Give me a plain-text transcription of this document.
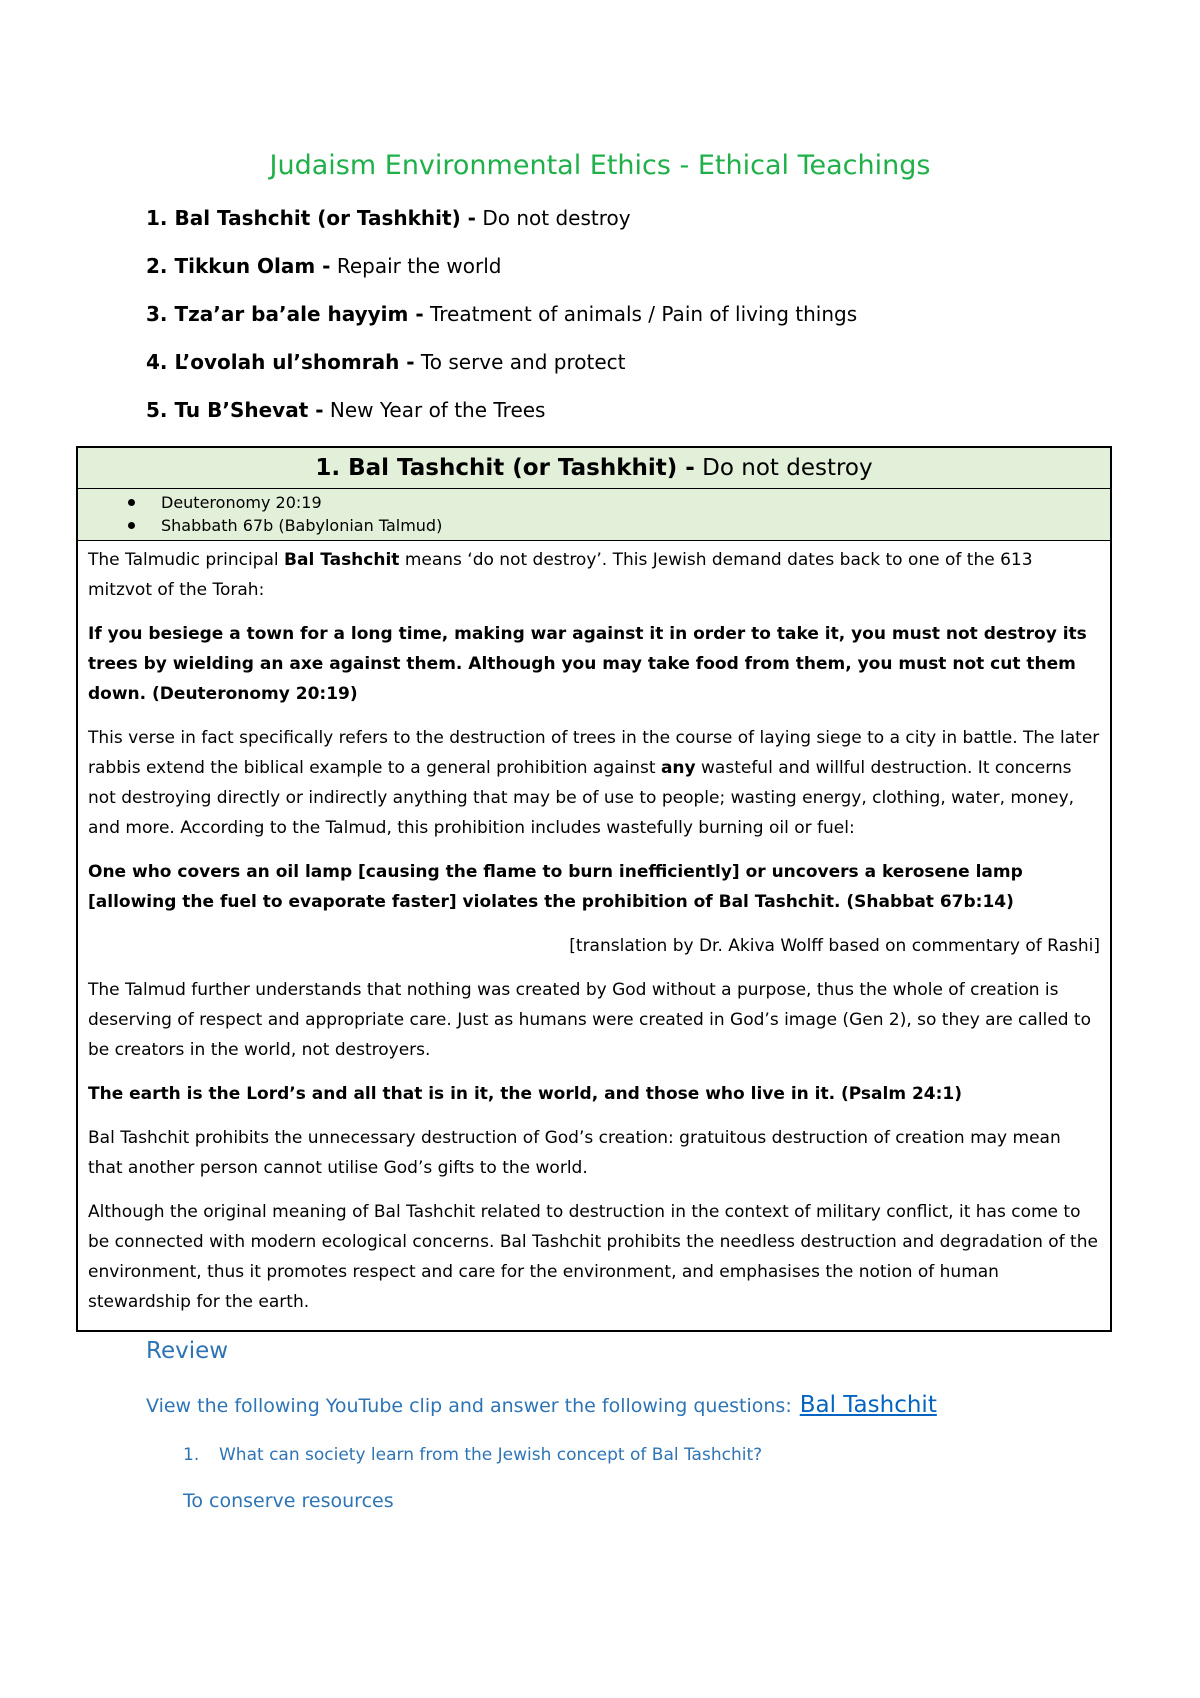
Judaism Environmental Ethics - Ethical Teachings
1. Bal Tashchit (or Tashkhit) - Do not destroy
2. Tikkun Olam - Repair the world
3. Tza’ar ba’ale hayyim - Treatment of animals / Pain of living things
4. L’ovolah ul’shomrah - To serve and protect
5. Tu B’Shevat - New Year of the Trees
1. Bal Tashchit (or Tashkhit) - Do not destroy
Deuteronomy 20:19
Shabbath 67b (Babylonian Talmud)

The Talmudic principal Bal Tashchit means ‘do not destroy’. This Jewish demand dates back to one of the 613 mitzvot of the Torah:

If you besiege a town for a long time, making war against it in order to take it, you must not destroy its trees by wielding an axe against them. Although you may take food from them, you must not cut them down. (Deuteronomy 20:19)

This verse in fact specifically refers to the destruction of trees in the course of laying siege to a city in battle. The later rabbis extend the biblical example to a general prohibition against any wasteful and willful destruction. It concerns not destroying directly or indirectly anything that may be of use to people; wasting energy, clothing, water, money, and more. According to the Talmud, this prohibition includes wastefully burning oil or fuel:

One who covers an oil lamp [causing the flame to burn inefficiently] or uncovers a kerosene lamp [allowing the fuel to evaporate faster] violates the prohibition of Bal Tashchit. (Shabbat 67b:14)

[translation by Dr. Akiva Wolff based on commentary of Rashi]

The Talmud further understands that nothing was created by God without a purpose, thus the whole of creation is deserving of respect and appropriate care. Just as humans were created in God’s image (Gen 2), so they are called to be creators in the world, not destroyers.

The earth is the Lord’s and all that is in it, the world, and those who live in it. (Psalm 24:1)

Bal Tashchit prohibits the unnecessary destruction of God’s creation: gratuitous destruction of creation may mean that another person cannot utilise God’s gifts to the world.

Although the original meaning of Bal Tashchit related to destruction in the context of military conflict, it has come to be connected with modern ecological concerns. Bal Tashchit prohibits the needless destruction and degradation of the environment, thus it promotes respect and care for the environment, and emphasises the notion of human stewardship for the earth.

Review
View the following YouTube clip and answer the following questions: Bal Tashchit
1. What can society learn from the Jewish concept of Bal Tashchit?
To conserve resources
